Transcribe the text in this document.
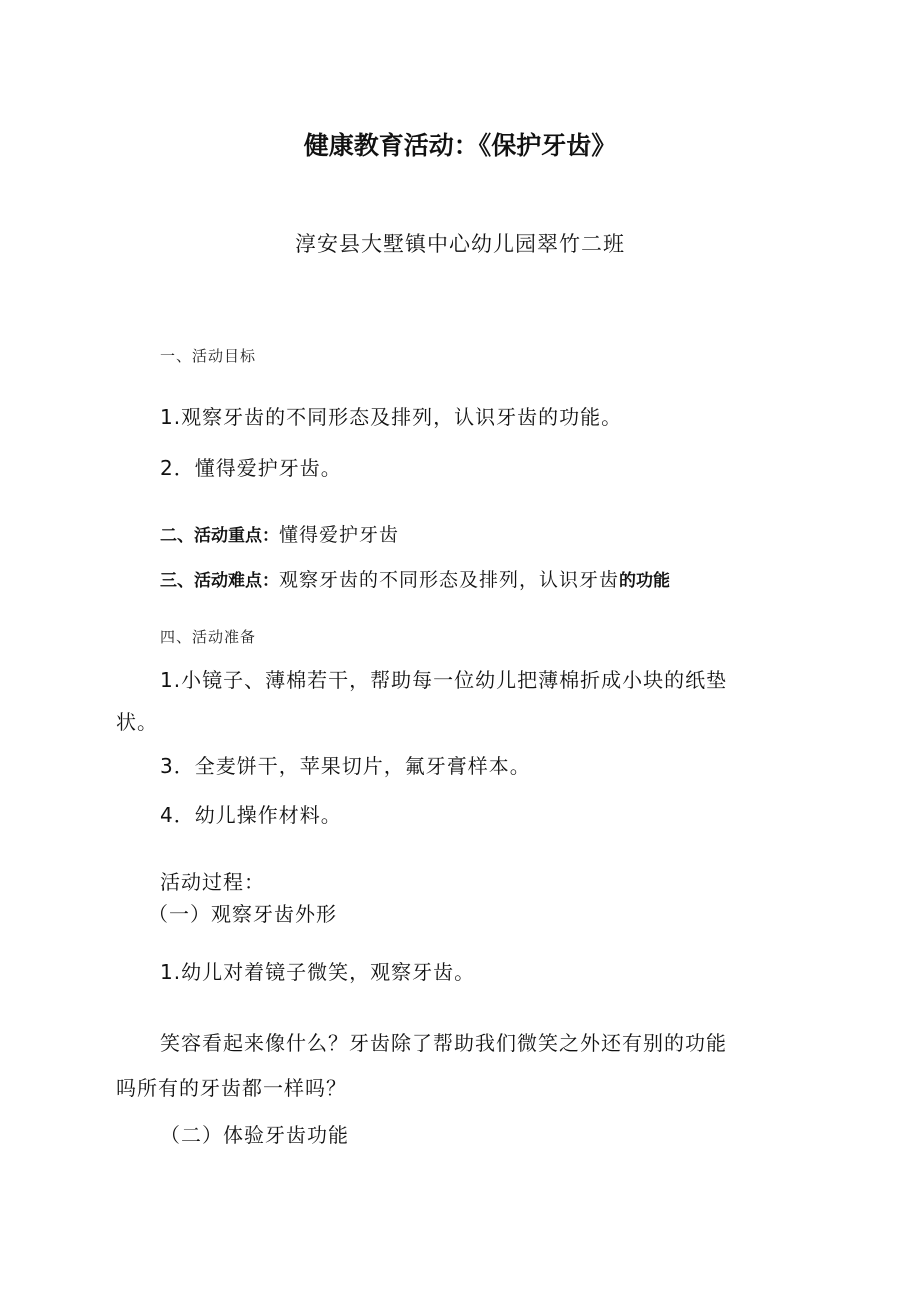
健康教育活动：《保护牙齿》
淳安县大墅镇中心幼儿园翠竹二班
一、活动目标
1.观察牙齿的不同形态及排列，认识牙齿的功能。
2．懂得爱护牙齿。
二、活动重点：懂得爱护牙齿
三、活动难点：观察牙齿的不同形态及排列，认识牙齿的功能
四、活动准备
1.小镜子、薄棉若干，帮助每一位幼儿把薄棉折成小块的纸垫
状。
3．全麦饼干，苹果切片，氟牙膏样本。
4．幼儿操作材料。
活动过程：
（一）观察牙齿外形
1.幼儿对着镜子微笑，观察牙齿。
笑容看起来像什么？牙齿除了帮助我们微笑之外还有别的功能
吗所有的牙齿都一样吗？
（二）体验牙齿功能
